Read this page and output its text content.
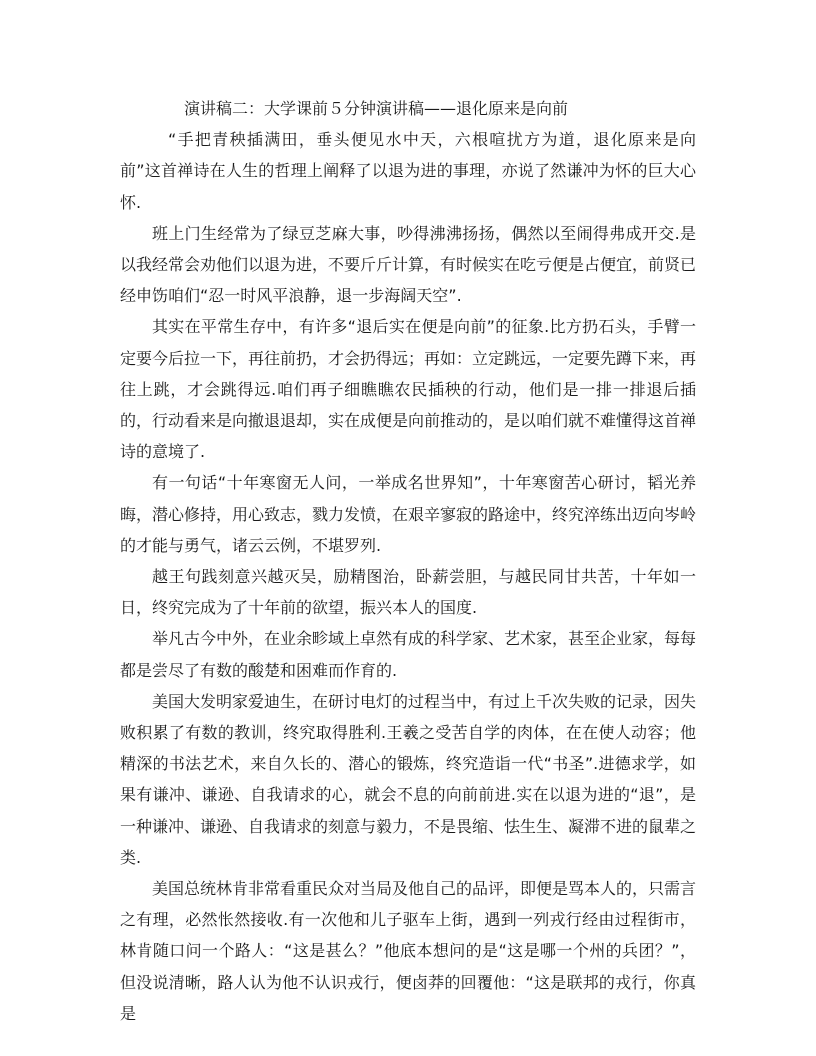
演讲稿二：大学课前５分钟演讲稿——退化原来是向前

“手把青秧插满田，垂头便见水中天，六根喧扰方为道，退化原来是向前”这首禅诗在人生的哲理上阐释了以退为进的事理，亦说了然谦冲为怀的巨大心怀.

班上门生经常为了绿豆芝麻大事，吵得沸沸扬扬，偶然以至闹得弗成开交.是以我经常会劝他们以退为进，不要斤斤计算，有时候实在吃亏便是占便宜，前贤已经申饬咱们“忍一时风平浪静，退一步海阔天空”.

其实在平常生存中，有许多“退后实在便是向前”的征象.比方扔石头，手臂一定要今后拉一下，再往前扔，才会扔得远；再如：立定跳远，一定要先蹲下来，再往上跳，才会跳得远.咱们再子细瞧瞧农民插秧的行动，他们是一排一排退后插的，行动看来是向撤退退却，实在成便是向前推动的，是以咱们就不难懂得这首禅诗的意境了.

有一句话“十年寒窗无人问，一举成名世界知”，十年寒窗苦心研讨，韬光养晦，潜心修持，用心致志，戮力发愤，在艰辛寥寂的路途中，终究淬练出迈向岑岭的才能与勇气，诸云云例，不堪罗列.

越王句践刻意兴越灭吴，励精图治，卧薪尝胆，与越民同甘共苦，十年如一日，终究完成为了十年前的欲望，振兴本人的国度.

举凡古今中外，在业余畛域上卓然有成的科学家、艺术家，甚至企业家，每每都是尝尽了有数的酸楚和困难而作育的.

美国大发明家爱迪生，在研讨电灯的过程当中，有过上千次失败的记录，因失败积累了有数的教训，终究取得胜利.王羲之受苦自学的肉体，在在使人动容；他精深的书法艺术，来自久长的、潜心的锻炼，终究造诣一代“书圣”.进德求学，如果有谦冲、谦逊、自我请求的心，就会不息的向前前进.实在以退为进的“退”，是一种谦冲、谦逊、自我请求的刻意与毅力，不是畏缩、怯生生、凝滞不进的鼠辈之类.

美国总统林肯非常看重民众对当局及他自己的品评，即便是骂本人的，只需言之有理，必然怅然接收.有一次他和儿子驱车上街，遇到一列戎行经由过程街市，林肯随口问一个路人：“这是甚么？”他底本想问的是“这是哪一个州的兵团？”，但没说清晰，路人认为他不认识戎行，便卤莽的回覆他：“这是联邦的戎行，你真是
